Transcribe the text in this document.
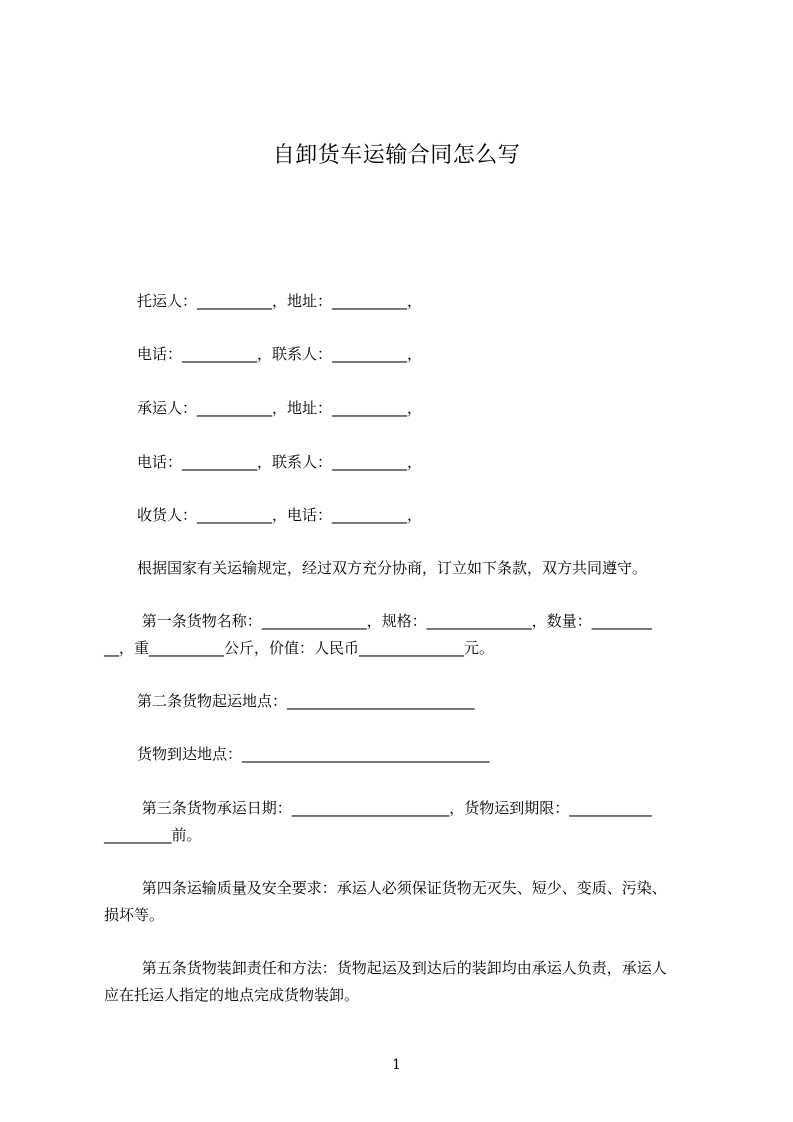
自卸货车运输合同怎么写
托运人：__________，地址：__________，
电话：__________，联系人：__________，
承运人：__________，地址：__________，
电话：__________，联系人：__________，
收货人：__________，电话：__________，
根据国家有关运输规定，经过双方充分协商，订立如下条款，双方共同遵守。
第一条货物名称：______________，规格：______________，数量：________
__，重__________公斤，价值：人民币______________元。
第二条货物起运地点：_________________________
货物到达地点：_________________________________
第三条货物承运日期：_____________________，货物运到期限：___________
_________前。
第四条运输质量及安全要求：承运人必须保证货物无灭失、短少、变质、污染、
损坏等。
第五条货物装卸责任和方法：货物起运及到达后的装卸均由承运人负责，承运人
应在托运人指定的地点完成货物装卸。
1
